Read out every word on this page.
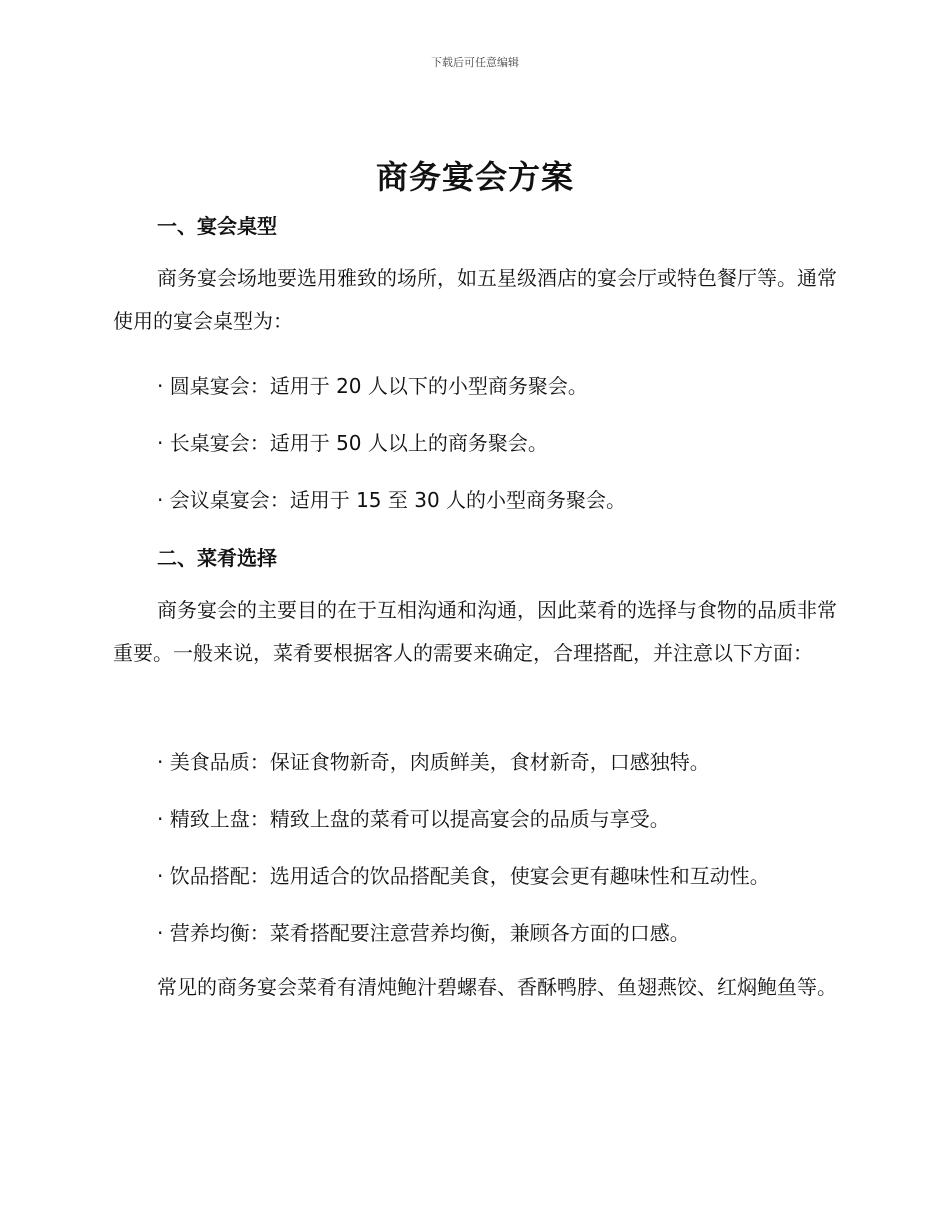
下载后可任意编辑
商务宴会方案
一、宴会桌型
商务宴会场地要选用雅致的场所，如五星级酒店的宴会厅或特色餐厅等。通常使用的宴会桌型为：
· 圆桌宴会：适用于 20 人以下的小型商务聚会。
· 长桌宴会：适用于 50 人以上的商务聚会。
· 会议桌宴会：适用于 15 至 30 人的小型商务聚会。
二、菜肴选择
商务宴会的主要目的在于互相沟通和沟通，因此菜肴的选择与食物的品质非常重要。一般来说，菜肴要根据客人的需要来确定，合理搭配，并注意以下方面：
· 美食品质：保证食物新奇，肉质鲜美，食材新奇，口感独特。
· 精致上盘：精致上盘的菜肴可以提高宴会的品质与享受。
· 饮品搭配：选用适合的饮品搭配美食，使宴会更有趣味性和互动性。
· 营养均衡：菜肴搭配要注意营养均衡，兼顾各方面的口感。
常见的商务宴会菜肴有清炖鲍汁碧螺春、香酥鸭脖、鱼翅燕饺、红焖鲍鱼等。
